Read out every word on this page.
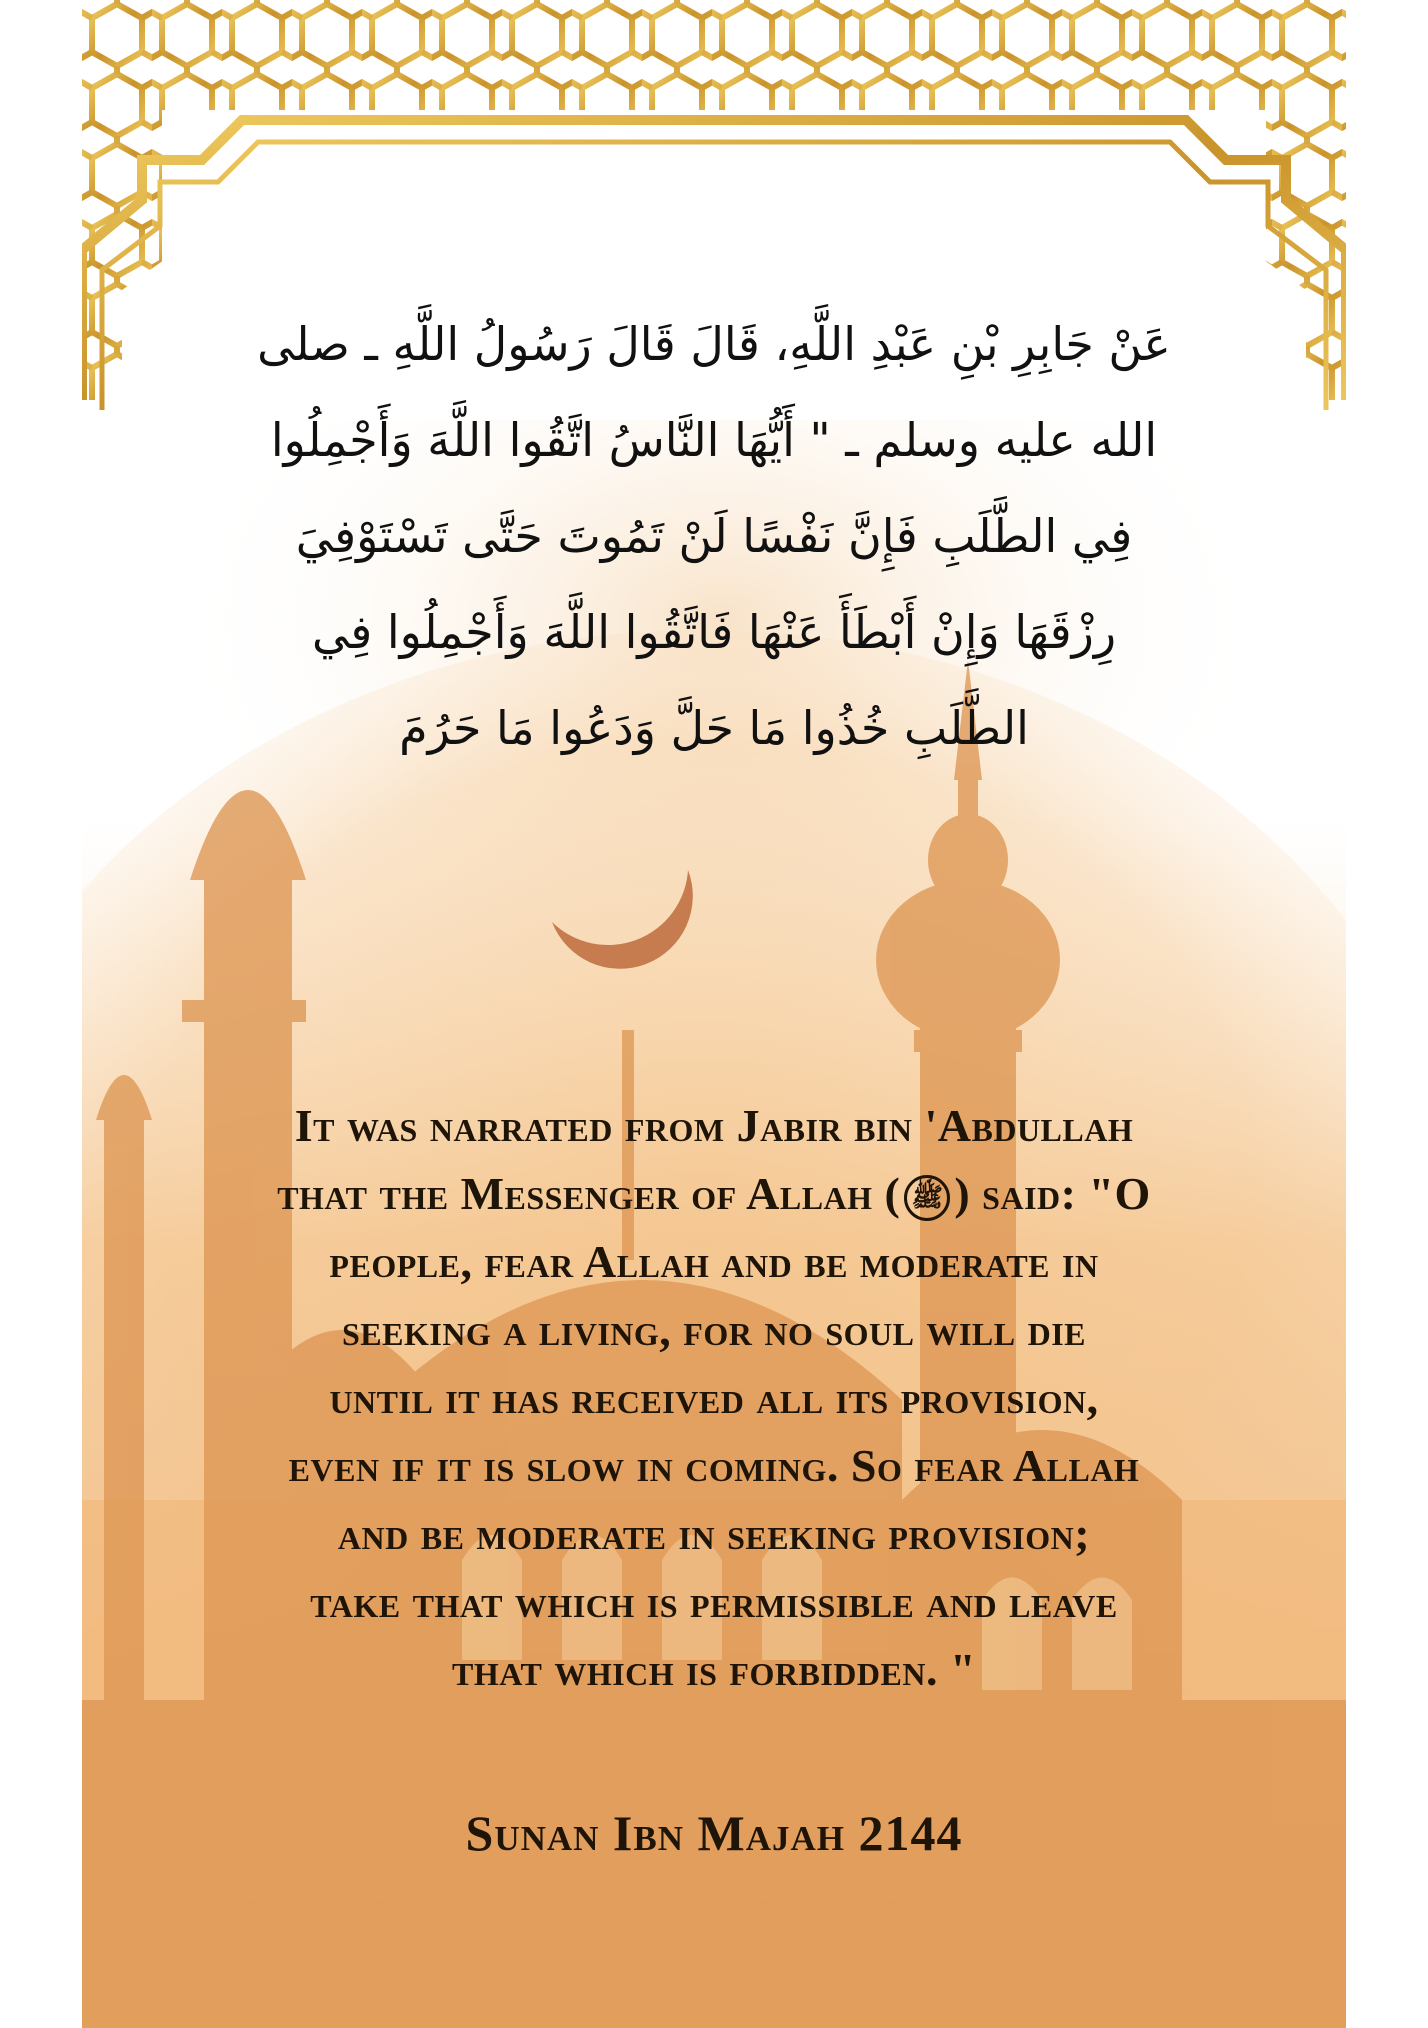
عَنْ جَابِرِ بْنِ عَبْدِ اللَّهِ، قَالَ قَالَ رَسُولُ اللَّهِ ـ صلى
الله عليه وسلم ـ " أَيُّهَا النَّاسُ اتَّقُوا اللَّهَ وَأَجْمِلُوا
فِي الطَّلَبِ فَإِنَّ نَفْسًا لَنْ تَمُوتَ حَتَّى تَسْتَوْفِيَ
رِزْقَهَا وَإِنْ أَبْطَأَ عَنْهَا فَاتَّقُوا اللَّهَ وَأَجْمِلُوا فِي
الطَّلَبِ خُذُوا مَا حَلَّ وَدَعُوا مَا حَرُمَ
It was narrated from Jabir bin 'Abdullah
that the Messenger of Allah ( ﷺ ) said: "O
people, fear Allah and be moderate in
seeking a living, for no soul will die
until it has received all its provision,
even if it is slow in coming. So fear Allah
and be moderate in seeking provision;
take that which is permissible and leave
that which is forbidden. "
Sunan Ibn Majah 2144
